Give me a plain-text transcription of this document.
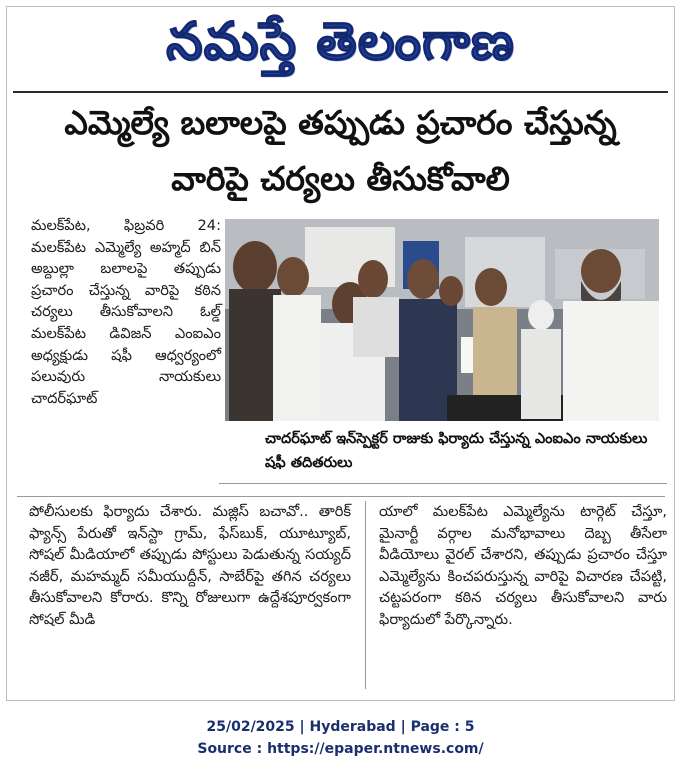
నమస్తే తెలంగాణ
ఎమ్మెల్యే బలాలపై తప్పుడు ప్రచారం చేస్తున్న
వారిపై చర్యలు తీసుకోవాలి

మలక్‌పేట, ఫిబ్రవరి 24: మలక్‌పేట ఎమ్మెల్యే అహ్మద్ బిన్ అబ్దుల్లా బలాలపై తప్పుడు ప్రచారం చేస్తున్న వారిపై కఠిన చర్యలు తీసుకోవాలని ఓల్డ్ మలక్‌పేట డివిజన్ ఎంఐఎం అధ్యక్షుడు షఫీ ఆధ్వర్యంలో పలువురు నాయకులు చాదర్‌ఘాట్

చాదర్‌ఘాట్ ఇన్‌స్పెక్టర్ రాజుకు ఫిర్యాదు చేస్తున్న ఎంఐఎం నాయకులు షఫీ తదితరులు

పోలీసులకు ఫిర్యాదు చేశారు. మజ్లిస్ బచావో.. తారిక్ ఫ్యాన్స్ పేరుతో ఇన్‌స్టా గ్రామ్, ఫేస్‌బుక్, యూట్యూబ్, సోషల్ మీడియాలో తప్పుడు పోస్టులు పెడుతున్న సయ్యద్ నజీర్, మహమ్మద్ సమీయుద్దీన్, సాబేర్‌పై తగిన చర్యలు తీసుకోవాలని కోరారు. కొన్ని రోజులుగా ఉద్దేశపూర్వకంగా సోషల్ మీడి

యాలో మలక్‌పేట ఎమ్మెల్యేను టార్గెట్ చేస్తూ, మైనార్టీ వర్గాల మనోభావాలు దెబ్బ తీసేలా వీడియోలు వైరల్ చేశారని, తప్పుడు ప్రచారం చేస్తూ ఎమ్మెల్యేను కించపరుస్తున్న వారిపై విచారణ చేపట్టి, చట్టపరంగా కఠిన చర్యలు తీసుకోవాలని వారు ఫిర్యాదులో పేర్కొన్నారు.

25/02/2025 | Hyderabad | Page : 5
Source : https://epaper.ntnews.com/
